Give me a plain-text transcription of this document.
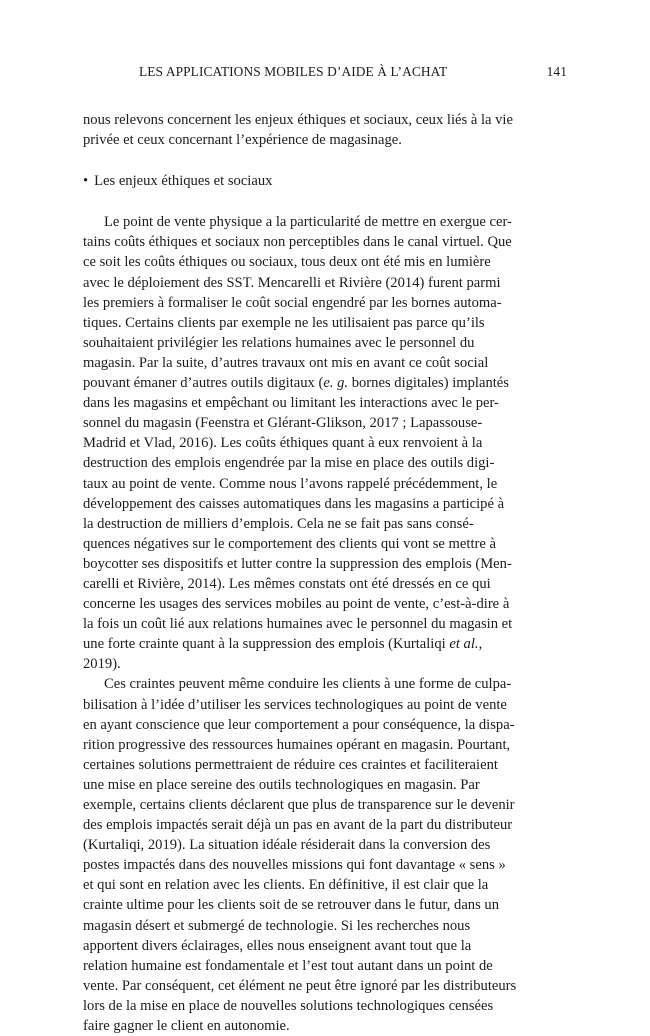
LES APPLICATIONS MOBILES D’AIDE À L’ACHAT	141
nous relevons concernent les enjeux éthiques et sociaux, ceux liés à la vie
privée et ceux concernant l’expérience de magasinage.
• Les enjeux éthiques et sociaux
Le point de vente physique a la particularité de mettre en exergue cer-
tains coûts éthiques et sociaux non perceptibles dans le canal virtuel. Que
ce soit les coûts éthiques ou sociaux, tous deux ont été mis en lumière
avec le déploiement des SST. Mencarelli et Rivière (2014) furent parmi
les premiers à formaliser le coût social engendré par les bornes automa-
tiques. Certains clients par exemple ne les utilisaient pas parce qu’ils
souhaitaient privilégier les relations humaines avec le personnel du
magasin. Par la suite, d’autres travaux ont mis en avant ce coût social
pouvant émaner d’autres outils digitaux (e. g. bornes digitales) implantés
dans les magasins et empêchant ou limitant les interactions avec le per-
sonnel du magasin (Feenstra et Glérant-Glikson, 2017 ; Lapassouse-
Madrid et Vlad, 2016). Les coûts éthiques quant à eux renvoient à la
destruction des emplois engendrée par la mise en place des outils digi-
taux au point de vente. Comme nous l’avons rappelé précédemment, le
développement des caisses automatiques dans les magasins a participé à
la destruction de milliers d’emplois. Cela ne se fait pas sans consé-
quences négatives sur le comportement des clients qui vont se mettre à
boycotter ses dispositifs et lutter contre la suppression des emplois (Men-
carelli et Rivière, 2014). Les mêmes constats ont été dressés en ce qui
concerne les usages des services mobiles au point de vente, c’est-à-dire à
la fois un coût lié aux relations humaines avec le personnel du magasin et
une forte crainte quant à la suppression des emplois (Kurtaliqi et al.,
2019).
Ces craintes peuvent même conduire les clients à une forme de culpa-
bilisation à l’idée d’utiliser les services technologiques au point de vente
en ayant conscience que leur comportement a pour conséquence, la dispa-
rition progressive des ressources humaines opérant en magasin. Pourtant,
certaines solutions permettraient de réduire ces craintes et faciliteraient
une mise en place sereine des outils technologiques en magasin. Par
exemple, certains clients déclarent que plus de transparence sur le devenir
des emplois impactés serait déjà un pas en avant de la part du distributeur
(Kurtaliqi, 2019). La situation idéale résiderait dans la conversion des
postes impactés dans des nouvelles missions qui font davantage « sens »
et qui sont en relation avec les clients. En définitive, il est clair que la
crainte ultime pour les clients soit de se retrouver dans le futur, dans un
magasin désert et submergé de technologie. Si les recherches nous
apportent divers éclairages, elles nous enseignent avant tout que la
relation humaine est fondamentale et l’est tout autant dans un point de
vente. Par conséquent, cet élément ne peut être ignoré par les distributeurs
lors de la mise en place de nouvelles solutions technologiques censées
faire gagner le client en autonomie.
